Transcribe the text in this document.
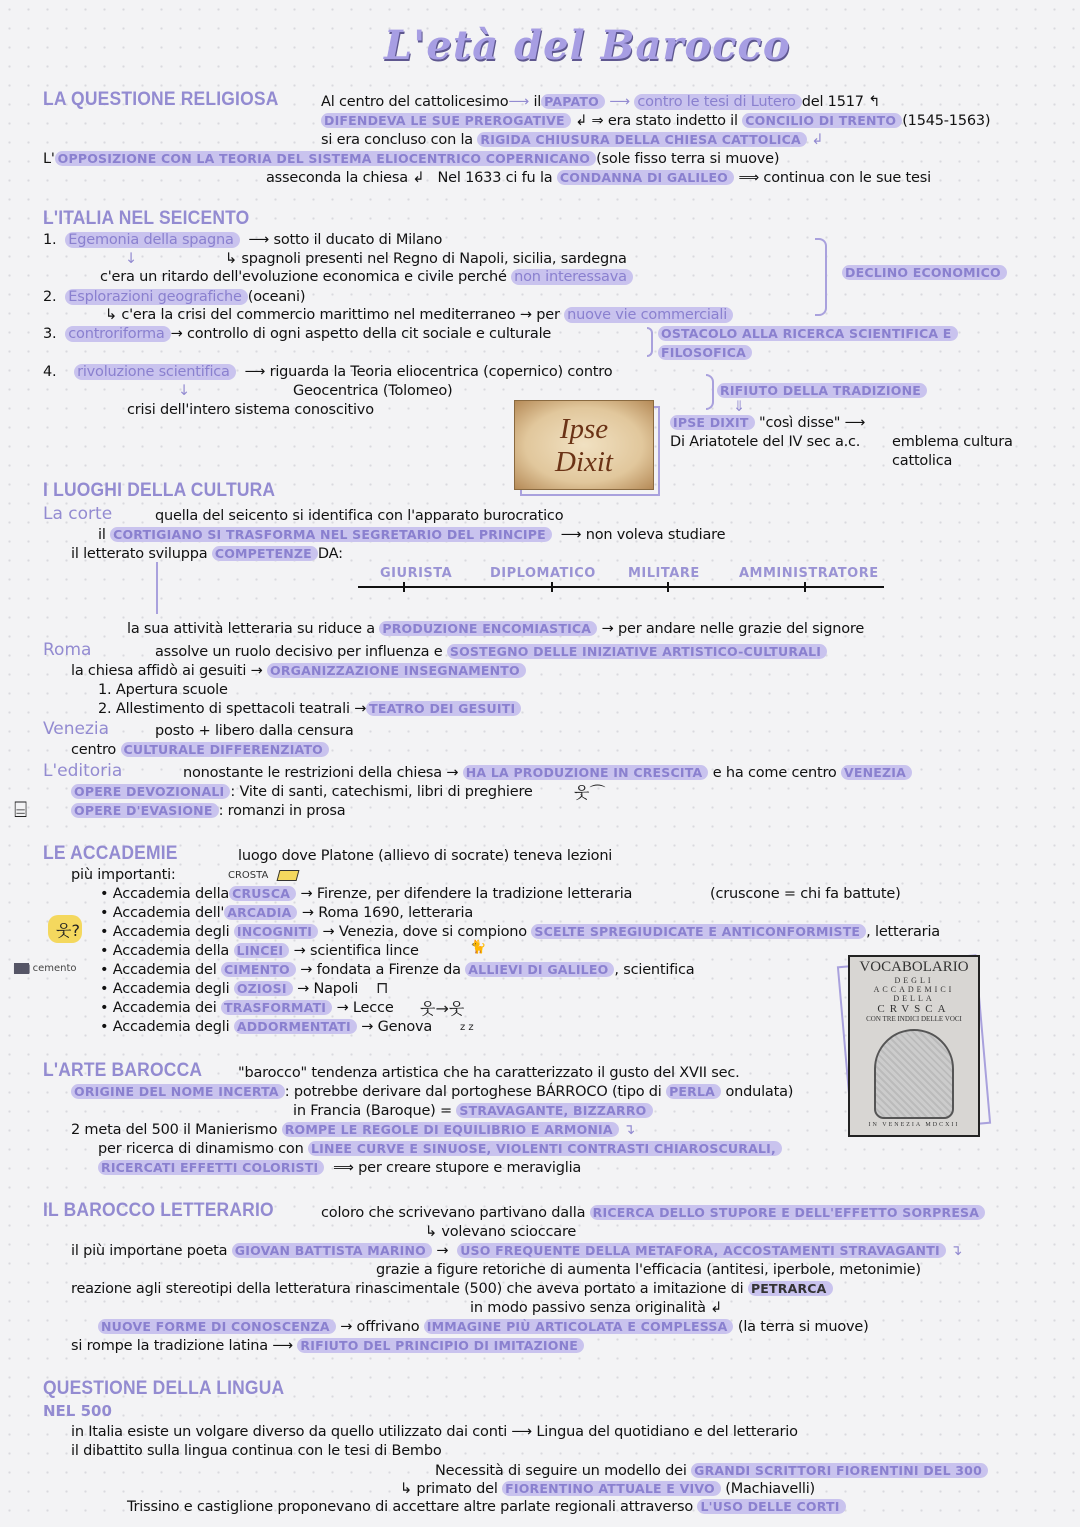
L'età del Barocco
LA QUESTIONE RELIGIOSA	Al centro del cattolicesimo⟶ il PAPATO ⟶ contro le tesi di Lutero del 1517 ↰
DIFENDEVA LE SUE PREROGATIVE ↲ ⇒ era stato indetto il CONCILIO DI TRENTO (1545-1563)
si era concluso con la RIGIDA CHIUSURA DELLA CHIESA CATTOLICA ↲
L' OPPOSIZIONE CON LA TEORIA DEL SISTEMA ELIOCENTRICO COPERNICANO (sole fisso terra si muove)
asseconda la chiesa ↲ Nel 1633 ci fu la CONDANNA DI GALILEO ⟹ continua con le sue tesi
L'ITALIA NEL SEICENTO
1. Egemonia della spagna ⟶ sotto il ducato di Milano
↓	↳ spagnoli presenti nel Regno di Napoli, sicilia, sardegna
c'era un ritardo dell'evoluzione economica e civile perché non interessava
2. Esplorazioni geografiche (oceani)
↳ c'era la crisi del commercio marittimo nel mediterraneo → per nuove vie commerciali
DECLINO ECONOMICO
3. controriforma → controllo di ogni aspetto della cit sociale e culturale	OSTACOLO ALLA RICERCA SCIENTIFICA E
FILOSOFICA
4. rivoluzione scientifica ⟶ riguarda la Teoria eliocentrica (copernico) contro
Geocentrica (Tolomeo)
↓
crisi dell'intero sistema conoscitivo
RIFIUTO DELLA TRADIZIONE
⇓
IPSE DIXIT "così disse" ⟶
Di Ariatotele del IV sec a.c. emblema cultura
cattolica
Ipse
Dixit
I LUOGHI DELLA CULTURA
La corte	quella del seicento si identifica con l'apparato burocratico
il CORTIGIANO SI TRASFORMA NEL SEGRETARIO DEL PRINCIPE ⟶ non voleva studiare
il letterato sviluppa COMPETENZE DA:
GIURISTA	DIPLOMATICO MILITARE	AMMINISTRATORE
la sua attività letteraria su riduce a PRODUZIONE ENCOMIASTICA → per andare nelle grazie del signore
Roma	assolve un ruolo decisivo per influenza e SOSTEGNO DELLE INIZIATIVE ARTISTICO-CULTURALI
la chiesa affidò ai gesuiti → ORGANIZZAZIONE INSEGNAMENTO
1. Apertura scuole
2. Allestimento di spettacoli teatrali → TEATRO DEI GESUITI
Venezia	posto + libero dalla censura
centro CULTURALE DIFFERENZIATO
L'editoria	nonostante le restrizioni della chiesa → HA LA PRODUZIONE IN CRESCITA e ha come centro VENEZIA
OPERE DEVOZIONALI : Vite di santi, catechismi, libri di preghiere	웃⌒
OPERE D'EVASIONE : romanzi in prosa
⌸
LE ACCADEMIE	luogo dove Platone (allievo di socrate) teneva lezioni
più importanti:	CROSTA
웃?
▆▆ cemento
• Accademia della CRUSCA → Firenze, per difendere la tradizione letteraria	(cruscone = chi fa battute)
• Accademia dell' ARCADIA → Roma 1690, letteraria
• Accademia degli INCOGNITI → Venezia, dove si compiono SCELTE SPREGIUDICATE E ANTICONFORMISTE , letteraria
• Accademia della LINCEI → scientifica lince
• Accademia del CIMENTO → fondata a Firenze da ALLIEVI DI GALILEO , scientifica
• Accademia degli OZIOSI → Napoli
• Accademia dei TRASFORMATI → Lecce
• Accademia degli ADDORMENTATI → Genova
🐈
⊓
웃→웃
z z
VOCABOLARIO
DEGLI
ACCADEMICI
DELLA
CRVSCA
CON TRE INDICI DELLE VOCI
IN VENEZIA MDCXII
L'ARTE BAROCCA "barocco" tendenza artistica che ha caratterizzato il gusto del XVII sec.
ORIGINE DEL NOME INCERTA : potrebbe derivare dal portoghese BÁRROCO (tipo di PERLA ondulata)
in Francia (Baroque) = STRAVAGANTE, BIZZARRO
2 meta del 500 il Manierismo ROMPE LE REGOLE DI EQUILIBRIO E ARMONIA ↴
per ricerca di dinamismo con LINEE CURVE E SINUOSE, VIOLENTI CONTRASTI CHIAROSCURALI,
RICERCATI EFFETTI COLORISTI ⟹ per creare stupore e meraviglia
IL BAROCCO LETTERARIO	coloro che scrivevano partivano dalla RICERCA DELLO STUPORE E DELL'EFFETTO SORPRESA
↳ volevano scioccare
il più importane poeta GIOVAN BATTISTA MARINO → USO FREQUENTE DELLA METAFORA, ACCOSTAMENTI STRAVAGANTI ↴
grazie a figure retoriche di aumenta l'efficacia (antitesi, iperbole, metonimie)
reazione agli stereotipi della letteratura rinascimentale (500) che aveva portato a imitazione di PETRARCA
in modo passivo senza originalità ↲
NUOVE FORME DI CONOSCENZA → offrivano IMMAGINE PIÙ ARTICOLATA E COMPLESSA (la terra si muove)
si rompe la tradizione latina ⟶ RIFIUTO DEL PRINCIPIO DI IMITAZIONE
QUESTIONE DELLA LINGUA
NEL 500
in Italia esiste un volgare diverso da quello utilizzato dai conti ⟶ Lingua del quotidiano e del letterario
il dibattito sulla lingua continua con le tesi di Bembo
Necessità di seguire un modello dei GRANDI SCRITTORI FIORENTINI DEL 300
↳ primato del FIORENTINO ATTUALE E VIVO (Machiavelli)
Trissino e castiglione proponevano di accettare altre parlate regionali attraverso L'USO DELLE CORTI
